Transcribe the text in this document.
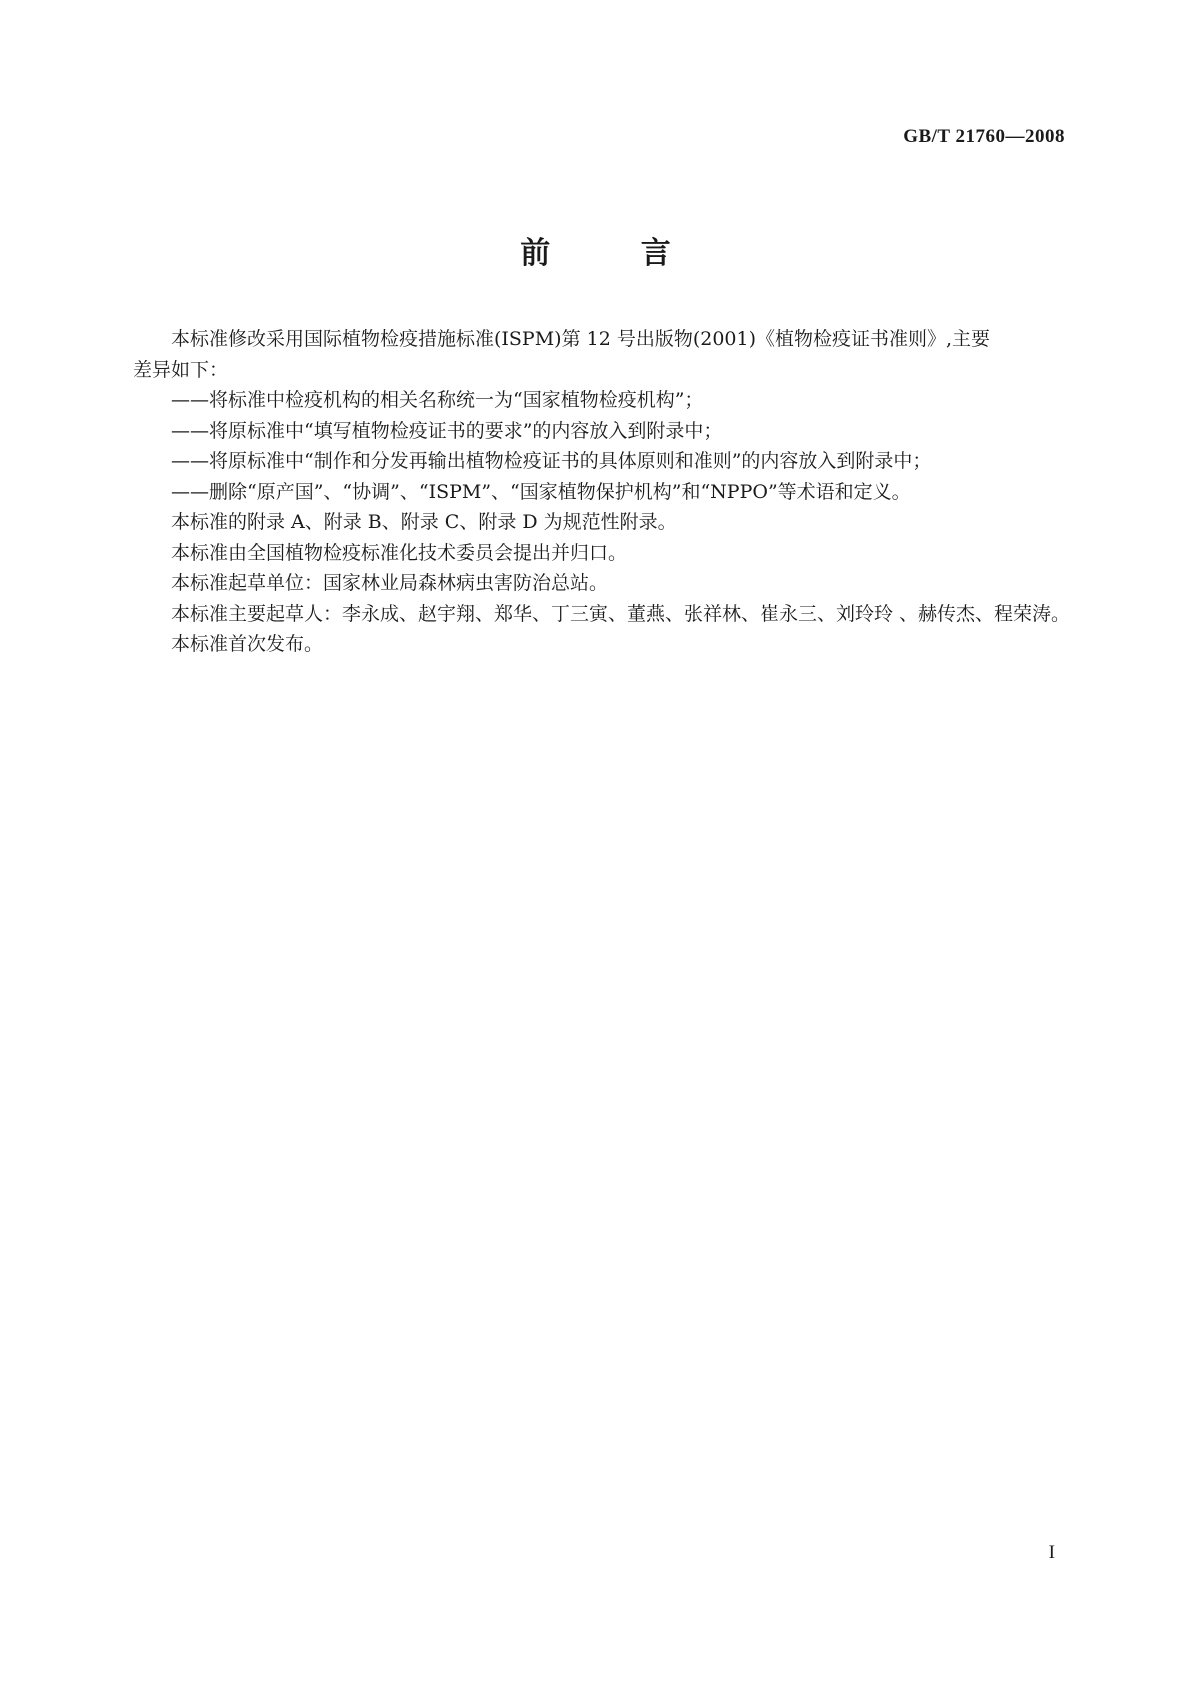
GB/T 21760—2008
前 言

本标准修改采用国际植物检疫措施标准(ISPM)第 12 号出版物(2001)《植物检疫证书准则》,主要

差异如下：

——将标准中检疫机构的相关名称统一为“国家植物检疫机构”；

——将原标准中“填写植物检疫证书的要求”的内容放入到附录中；

——将原标准中“制作和分发再输出植物检疫证书的具体原则和准则”的内容放入到附录中；

——删除“原产国”、“协调”、“ISPM”、“国家植物保护机构”和“NPPO”等术语和定义。

本标准的附录 A、附录 B、附录 C、附录 D 为规范性附录。

本标准由全国植物检疫标准化技术委员会提出并归口。

本标准起草单位：国家林业局森林病虫害防治总站。

本标准主要起草人：李永成、赵宇翔、郑华、丁三寅、董燕、张祥林、崔永三、刘玲玲 、赫传杰、程荣涛。

本标准首次发布。

I
